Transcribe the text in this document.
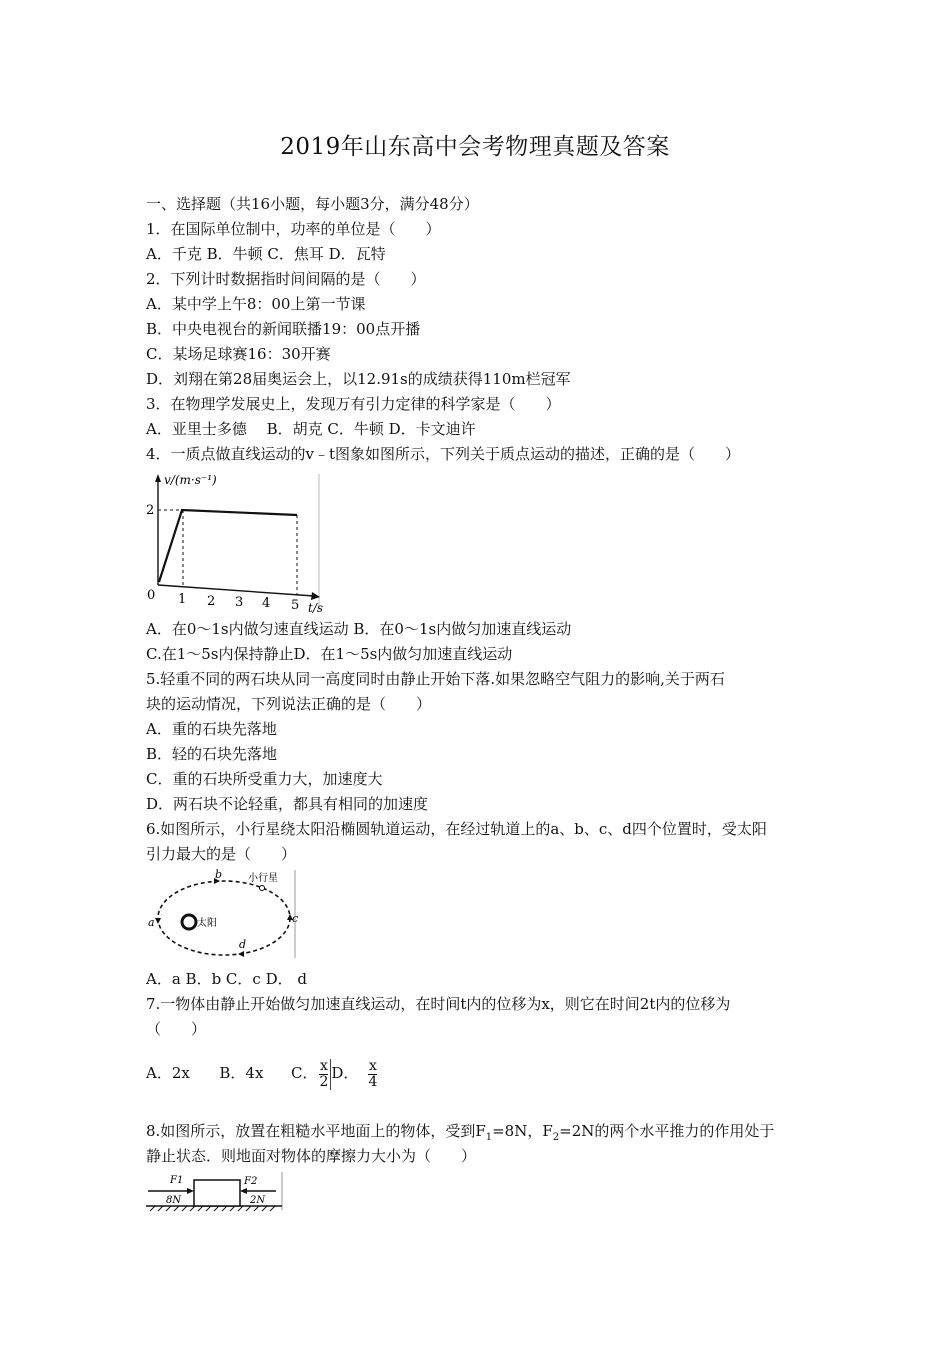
2019年山东高中会考物理真题及答案
一、选择题（共16小题，每小题3分，满分48分）
1．在国际单位制中，功率的单位是（　　）
A．千克 B．牛顿 C．焦耳 D．瓦特
2．下列计时数据指时间间隔的是（　　）
A．某中学上午8：00上第一节课
B．中央电视台的新闻联播19：00点开播
C．某场足球赛16：30开赛
D．刘翔在第28届奥运会上，以12.91s的成绩获得110m栏冠军
3．在物理学发展史上，发现万有引力定律的科学家是（　　）
A．亚里士多德　 B．胡克 C．牛顿 D．卡文迪许
4．一质点做直线运动的v﹣t图象如图所示，下列关于质点运动的描述，正确的是（　　）
v/(m·s⁻¹)
2
0 1 2 3 4 5 t/s
A．在0～1s内做匀速直线运动 B．在0～1s内做匀加速直线运动
C.在1～5s内保持静止D．在1～5s内做匀加速直线运动
5.轻重不同的两石块从同一高度同时由静止开始下落.如果忽略空气阻力的影响,关于两石
块的运动情况，下列说法正确的是（　　）
A．重的石块先落地
B．轻的石块先落地
C．重的石块所受重力大，加速度大
D．两石块不论轻重，都具有相同的加速度
6.如图所示，小行星绕太阳沿椭圆轨道运动，在经过轨道上的a、b、c、d四个位置时，受太阳
引力最大的是（　　）
太阳
小行星
b
a	c
d
A．a B．b C．c D． d
7.一物体由静止开始做匀加速直线运动，在时间t内的位移为x，则它在时间2t内的位移为
（　　）
A．2x B．4x C． $\frac{x}{2}$ D． $\frac{x}{4}$
8.如图所示，放置在粗糙水平地面上的物体，受到$F_1=8N$，$F_2=2N$的两个水平推力的作用处于
静止状态．则地面对物体的摩擦力大小为（　　）
F1	F2
8N	2N
